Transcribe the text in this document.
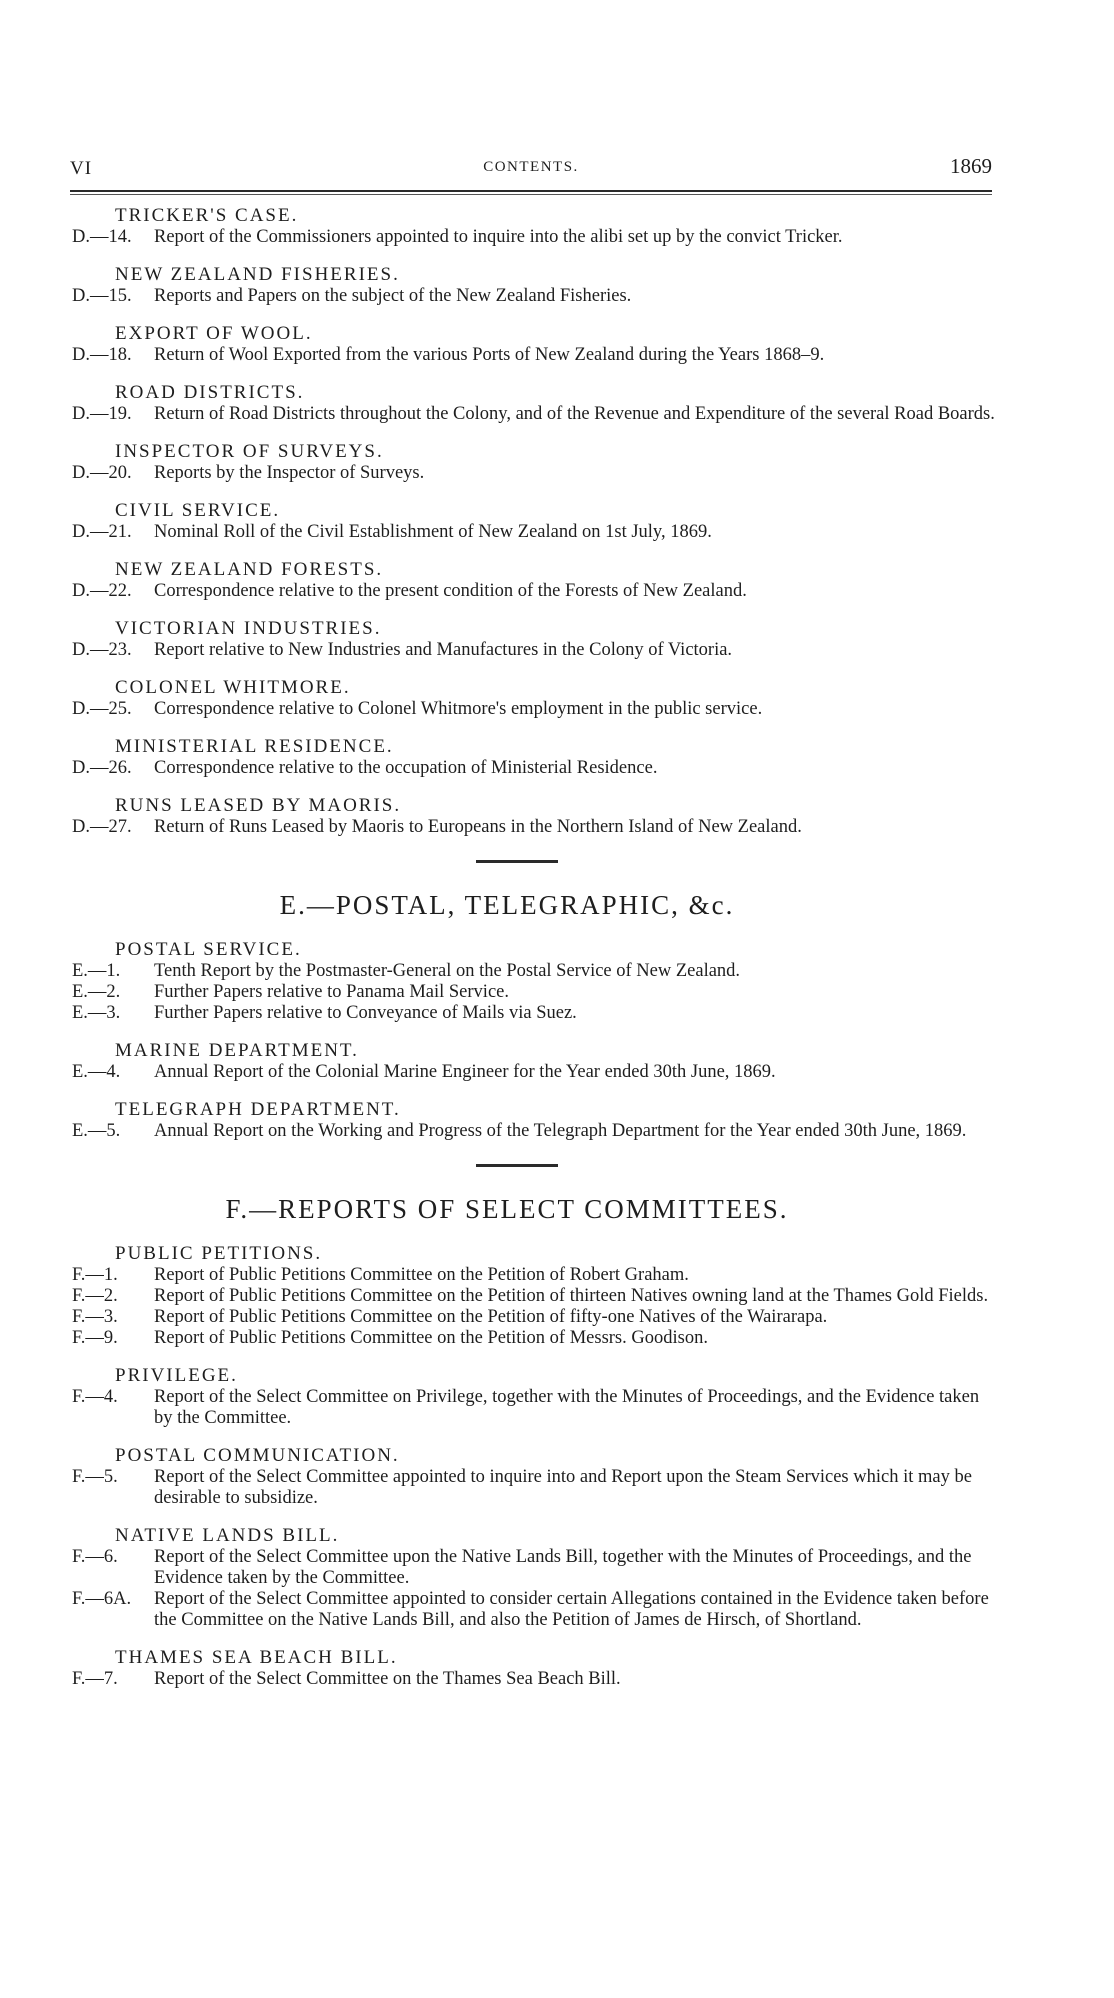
VI	CONTENTS.	1869
TRICKER'S CASE.
D.—14.	Report of the Commissioners appointed to inquire into the alibi set up by the convict Tricker.
NEW ZEALAND FISHERIES.
D.—15.	Reports and Papers on the subject of the New Zealand Fisheries.
EXPORT OF WOOL.
D.—18.	Return of Wool Exported from the various Ports of New Zealand during the Years 1868–9.
ROAD DISTRICTS.
D.—19.	Return of Road Districts throughout the Colony, and of the Revenue and Expenditure of the several Road Boards.
INSPECTOR OF SURVEYS.
D.—20.	Reports by the Inspector of Surveys.
CIVIL SERVICE.
D.—21.	Nominal Roll of the Civil Establishment of New Zealand on 1st July, 1869.
NEW ZEALAND FORESTS.
D.—22.	Correspondence relative to the present condition of the Forests of New Zealand.
VICTORIAN INDUSTRIES.
D.—23.	Report relative to New Industries and Manufactures in the Colony of Victoria.
COLONEL WHITMORE.
D.—25.	Correspondence relative to Colonel Whitmore's employment in the public service.
MINISTERIAL RESIDENCE.
D.—26.	Correspondence relative to the occupation of Ministerial Residence.
RUNS LEASED BY MAORIS.
D.—27.	Return of Runs Leased by Maoris to Europeans in the Northern Island of New Zealand.
E.—POSTAL, TELEGRAPHIC, &c.
POSTAL SERVICE.
E.—1.	Tenth Report by the Postmaster-General on the Postal Service of New Zealand.
E.—2.	Further Papers relative to Panama Mail Service.
E.—3.	Further Papers relative to Conveyance of Mails via Suez.
MARINE DEPARTMENT.
E.—4.	Annual Report of the Colonial Marine Engineer for the Year ended 30th June, 1869.
TELEGRAPH DEPARTMENT.
E.—5.	Annual Report on the Working and Progress of the Telegraph Department for the Year ended 30th June, 1869.
F.—REPORTS OF SELECT COMMITTEES.
PUBLIC PETITIONS.
F.—1.	Report of Public Petitions Committee on the Petition of Robert Graham.
F.—2.	Report of Public Petitions Committee on the Petition of thirteen Natives owning land at the Thames Gold Fields.
F.—3.	Report of Public Petitions Committee on the Petition of fifty-one Natives of the Wairarapa.
F.—9.	Report of Public Petitions Committee on the Petition of Messrs. Goodison.
PRIVILEGE.
F.—4.	Report of the Select Committee on Privilege, together with the Minutes of Proceedings, and the Evidence taken by the Committee.
POSTAL COMMUNICATION.
F.—5.	Report of the Select Committee appointed to inquire into and Report upon the Steam Services which it may be desirable to subsidize.
NATIVE LANDS BILL.
F.—6.	Report of the Select Committee upon the Native Lands Bill, together with the Minutes of Proceedings, and the Evidence taken by the Committee.
F.—6A.	Report of the Select Committee appointed to consider certain Allegations contained in the Evidence taken before the Committee on the Native Lands Bill, and also the Petition of James de Hirsch, of Shortland.
THAMES SEA BEACH BILL.
F.—7.	Report of the Select Committee on the Thames Sea Beach Bill.
